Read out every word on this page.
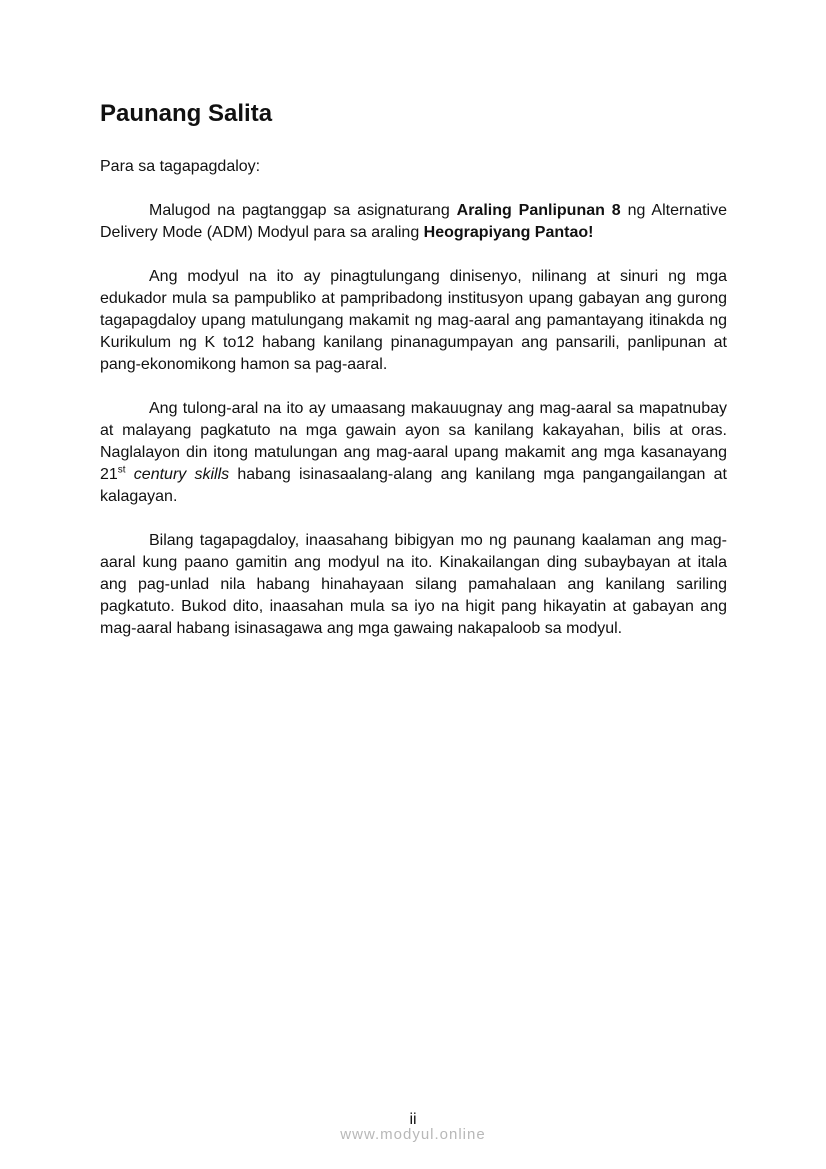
Paunang Salita

Para sa tagapagdaloy:

Malugod na pagtanggap sa asignaturang Araling Panlipunan 8 ng Alternative Delivery Mode (ADM) Modyul para sa araling Heograpiyang Pantao!

Ang modyul na ito ay pinagtulungang dinisenyo, nilinang at sinuri ng mga edukador mula sa pampubliko at pampribadong institusyon upang gabayan ang gurong tagapagdaloy upang matulungang makamit ng mag-aaral ang pamantayang itinakda ng Kurikulum ng K to12 habang kanilang pinanagumpayan ang pansarili, panlipunan at pang-ekonomikong hamon sa pag-aaral.

Ang tulong-aral na ito ay umaasang makauugnay ang mag-aaral sa mapatnubay at malayang pagkatuto na mga gawain ayon sa kanilang kakayahan, bilis at oras. Naglalayon din itong matulungan ang mag-aaral upang makamit ang mga kasanayang 21st century skills habang isinasaalang-alang ang kanilang mga pangangailangan at kalagayan.

Bilang tagapagdaloy, inaasahang bibigyan mo ng paunang kaalaman ang mag-aaral kung paano gamitin ang modyul na ito. Kinakailangan ding subaybayan at itala ang pag-unlad nila habang hinahayaan silang pamahalaan ang kanilang sariling pagkatuto. Bukod dito, inaasahan mula sa iyo na higit pang hikayatin at gabayan ang mag-aaral habang isinasagawa ang mga gawaing nakapaloob sa modyul.

ii
www.modyul.online
